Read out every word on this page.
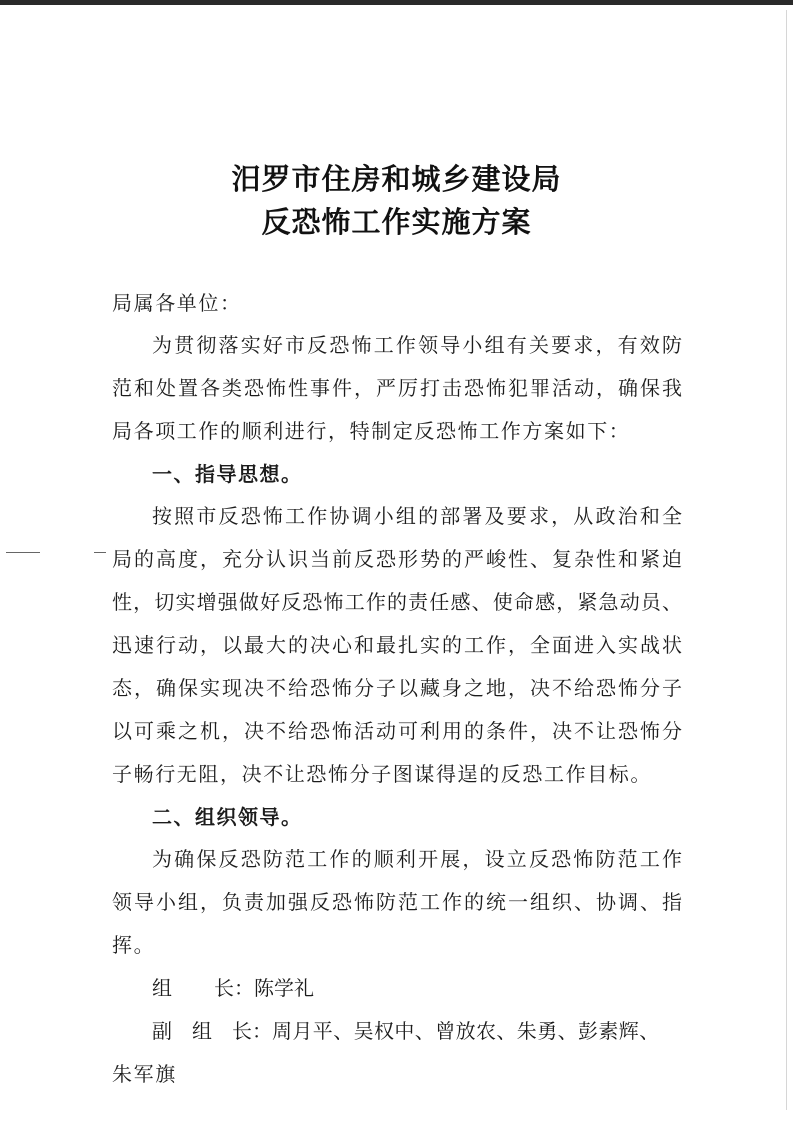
汨罗市住房和城乡建设局
反恐怖工作实施方案
局属各单位：
为贯彻落实好市反恐怖工作领导小组有关要求，有效防
范和处置各类恐怖性事件，严厉打击恐怖犯罪活动，确保我
局各项工作的顺利进行，特制定反恐怖工作方案如下：
一、指导思想。
按照市反恐怖工作协调小组的部署及要求，从政治和全
局的高度，充分认识当前反恐形势的严峻性、复杂性和紧迫
性，切实增强做好反恐怖工作的责任感、使命感，紧急动员、
迅速行动，以最大的决心和最扎实的工作，全面进入实战状
态，确保实现决不给恐怖分子以藏身之地，决不给恐怖分子
以可乘之机，决不给恐怖活动可利用的条件，决不让恐怖分
子畅行无阻，决不让恐怖分子图谋得逞的反恐工作目标。
二、组织领导。
为确保反恐防范工作的顺利开展，设立反恐怖防范工作
领导小组，负责加强反恐怖防范工作的统一组织、协调、指
挥。
组 长：陈学礼
副 组 长：周月平、吴权中、曾放农、朱勇、彭素辉、
朱军旗
